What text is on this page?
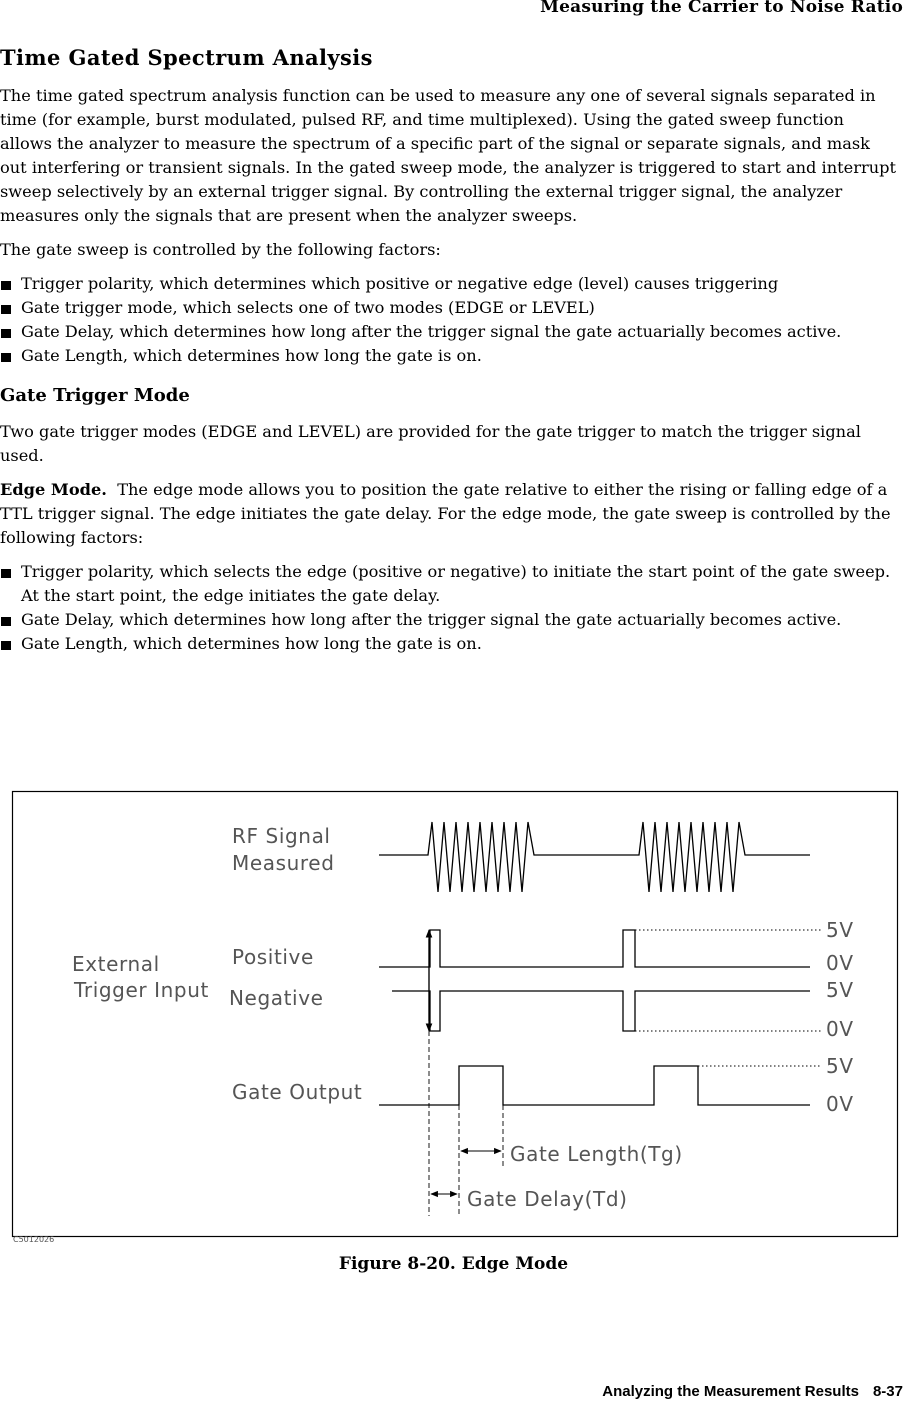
Measuring the Carrier to Noise Ratio
Time Gated Spectrum Analysis

The time gated spectrum analysis function can be used to measure any one of several signals separated in time (for example, burst modulated, pulsed RF, and time multiplexed). Using the gated sweep function allows the analyzer to measure the spectrum of a specific part of the signal or separate signals, and mask out interfering or transient signals. In the gated sweep mode, the analyzer is triggered to start and interrupt sweep selectively by an external trigger signal. By controlling the external trigger signal, the analyzer measures only the signals that are present when the analyzer sweeps.

The gate sweep is controlled by the following factors:

Trigger polarity, which determines which positive or negative edge (level) causes triggering
Gate trigger mode, which selects one of two modes (EDGE or LEVEL)
Gate Delay, which determines how long after the trigger signal the gate actuarially becomes active.
Gate Length, which determines how long the gate is on.
Gate Trigger Mode

Two gate trigger modes (EDGE and LEVEL) are provided for the gate trigger to match the trigger signal used.

Edge Mode. The edge mode allows you to position the gate relative to either the rising or falling edge of a TTL trigger signal. The edge initiates the gate delay. For the edge mode, the gate sweep is controlled by the following factors:

Trigger polarity, which selects the edge (positive or negative) to initiate the start point of the gate sweep. At the start point, the edge initiates the gate delay.
Gate Delay, which determines how long after the trigger signal the gate actuarially becomes active.
Gate Length, which determines how long the gate is on.
RF Signal
Measured
External
Trigger Input
Positive
Negative
Gate Output
5V
0V
5V
0V
5V
0V
Gate Length(Tg)
Gate Delay(Td)
C5012026
Figure 8-20. Edge Mode
Analyzing the Measurement Results 8-37
